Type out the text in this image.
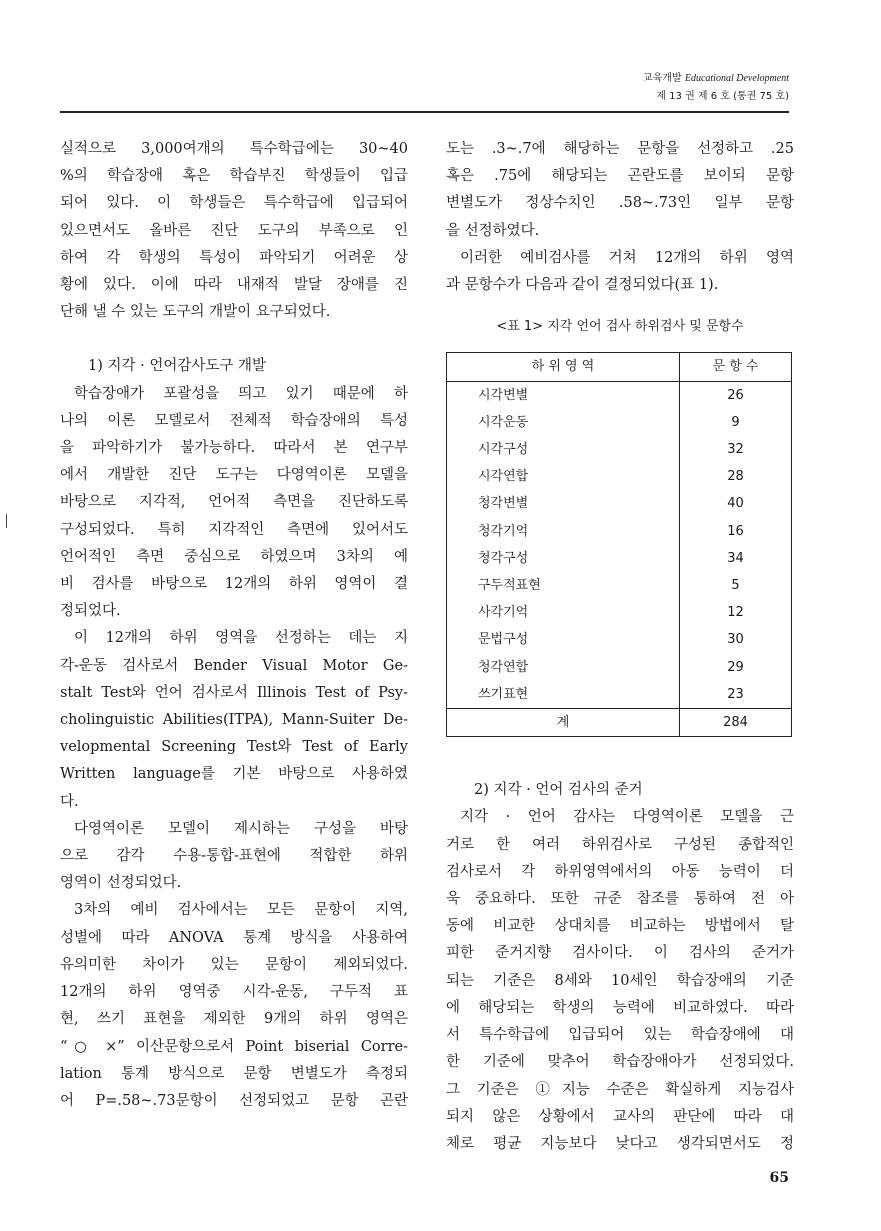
교육개발 Educational Development
제 13 권 제 6 호 (통권 75 호)
실적으로 3,000여개의 특수학급에는 30~40
%의 학습장애 혹은 학습부진 학생들이 입급
되어 있다. 이 학생들은 특수학급에 입급되어
있으면서도 올바른 진단 도구의 부족으로 인
하여 각 학생의 특성이 파악되기 어려운 상
황에 있다. 이에 따라 내재적 발달 장애를 진
단해 낼 수 있는 도구의 개발이 요구되었다.
1) 지각 · 언어감사도구 개발
학습장애가 포괄성을 띄고 있기 때문에 하
나의 이론 모델로서 전체적 학습장애의 특성
을 파악하기가 불가능하다. 따라서 본 연구부
에서 개발한 진단 도구는 다영역이론 모델을
바탕으로 지각적, 언어적 측면을 진단하도록
구성되었다. 특히 지각적인 측면에 있어서도
언어적인 측면 중심으로 하였으며 3차의 예
비 검사를 바탕으로 12개의 하위 영역이 결
정되었다.
이 12개의 하위 영역을 선정하는 데는 지
각-운동 검사로서 Bender Visual Motor Ge-
stalt Test와 언어 검사로서 Illinois Test of Psy-
cholinguistic Abilities(ITPA), Mann-Suiter De-
velopmental Screening Test와 Test of Early
Written language를 기본 바탕으로 사용하였
다.
다영역이론 모델이 제시하는 구성을 바탕
으로 감각 수용-통합-표현에 적합한 하위
영역이 선정되었다.
3차의 예비 검사에서는 모든 문항이 지역,
성별에 따라 ANOVA 통계 방식을 사용하여
유의미한 차이가 있는 문항이 제외되었다.
12개의 하위 영역중 시각-운동, 구두적 표
현, 쓰기 표현을 제외한 9개의 하위 영역은
“○ ×” 이산문항으로서 Point biserial Corre-
lation 통계 방식으로 문항 변별도가 측정되
어 P=.58~.73문항이 선정되었고 문항 곤란
도는 .3~.7에 해당하는 문항을 선정하고 .25
혹은 .75에 해당되는 곤란도를 보이되 문항
변별도가 정상수치인 .58~.73인 일부 문항
을 선정하였다.
이러한 예비검사를 거쳐 12개의 하위 영역
과 문항수가 다음과 같이 결정되었다(표 1).
<표 1> 지각 언어 검사 하위검사 및 문항수
하 위 영 역	문 항 수
시각변별	26
시각운동	9
시각구성	32
시각연합	28
청각변별	40
청각기억	16
청각구성	34
구두적표현	5
사각기억	12
문법구성	30
청각연합	29
쓰기표현	23
계	284
2) 지각 · 언어 검사의 준거
지각 · 언어 감사는 다영역이론 모델을 근
거로 한 여러 하위검사로 구성된 종합적인
검사로서 각 하위영역에서의 아동 능력이 더
욱 중요하다. 또한 규준 참조를 통하여 전 아
동에 비교한 상대치를 비교하는 방법에서 탈
피한 준거지향 검사이다. 이 검사의 준거가
되는 기준은 8세와 10세인 학습장애의 기준
에 해당되는 학생의 능력에 비교하였다. 따라
서 특수학급에 입급되어 있는 학습장애에 대
한 기준에 맞추어 학습장애아가 선정되었다.
그 기준은 ①지능 수준은 확실하게 지능검사
되지 않은 상황에서 교사의 판단에 따라 대
체로 평균 지능보다 낮다고 생각되면서도 정
65
